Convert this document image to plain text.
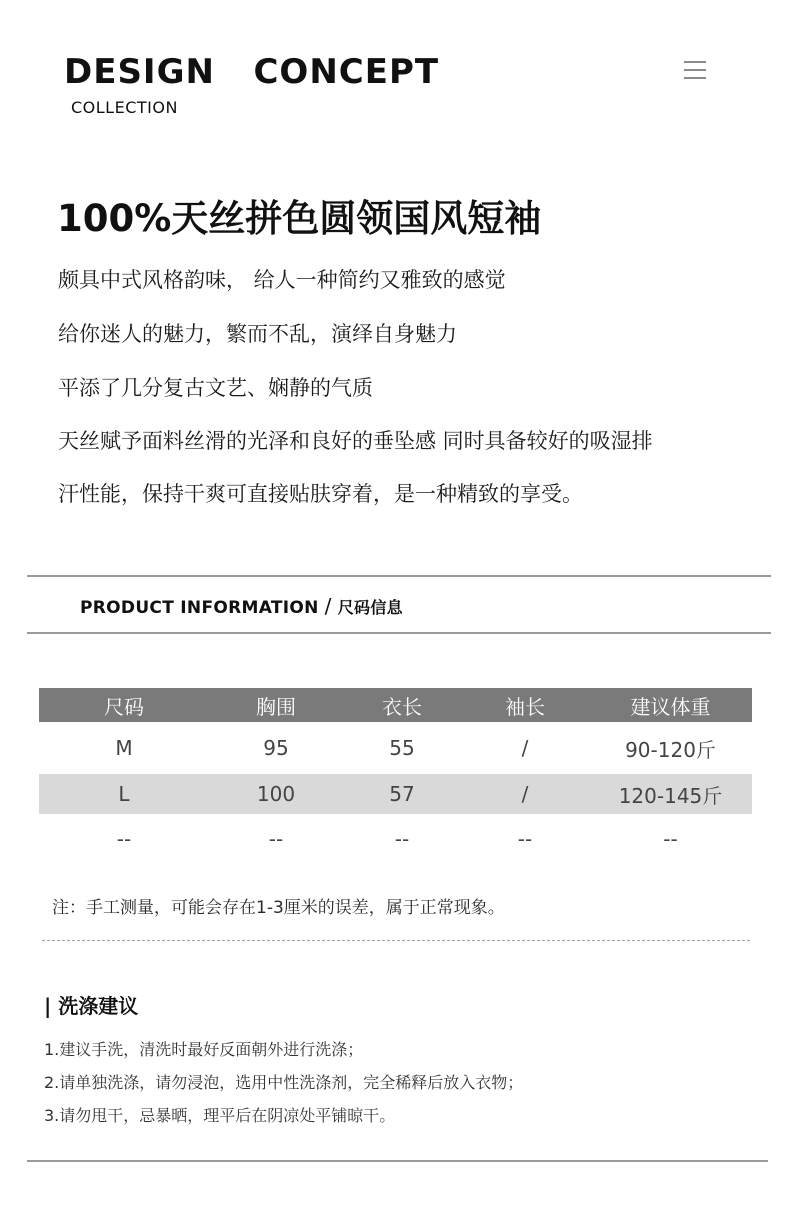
DESIGN CONCEPT
COLLECTION
100%天丝拼色圆领国风短袖
颇具中式风格韵味， 给人一种简约又雅致的感觉
给你迷人的魅力，繁而不乱，演绎自身魅力
平添了几分复古文艺、娴静的气质
天丝赋予面料丝滑的光泽和良好的垂坠感 同时具备较好的吸湿排
汗性能，保持干爽可直接贴肤穿着，是一种精致的享受。
PRODUCT INFORMATION / 尺码信息
尺码	胸围	衣长	袖长	建议体重
M	95	55	/	90-120斤
L	100	57	/	120-145斤
--	--	--	--	--
注：手工测量，可能会存在1-3厘米的误差，属于正常现象。
| 洗涤建议
1.建议手洗，清洗时最好反面朝外进行洗涤；
2.请单独洗涤，请勿浸泡，选用中性洗涤剂，完全稀释后放入衣物；
3.请勿甩干，忌暴晒，理平后在阴凉处平铺晾干。
